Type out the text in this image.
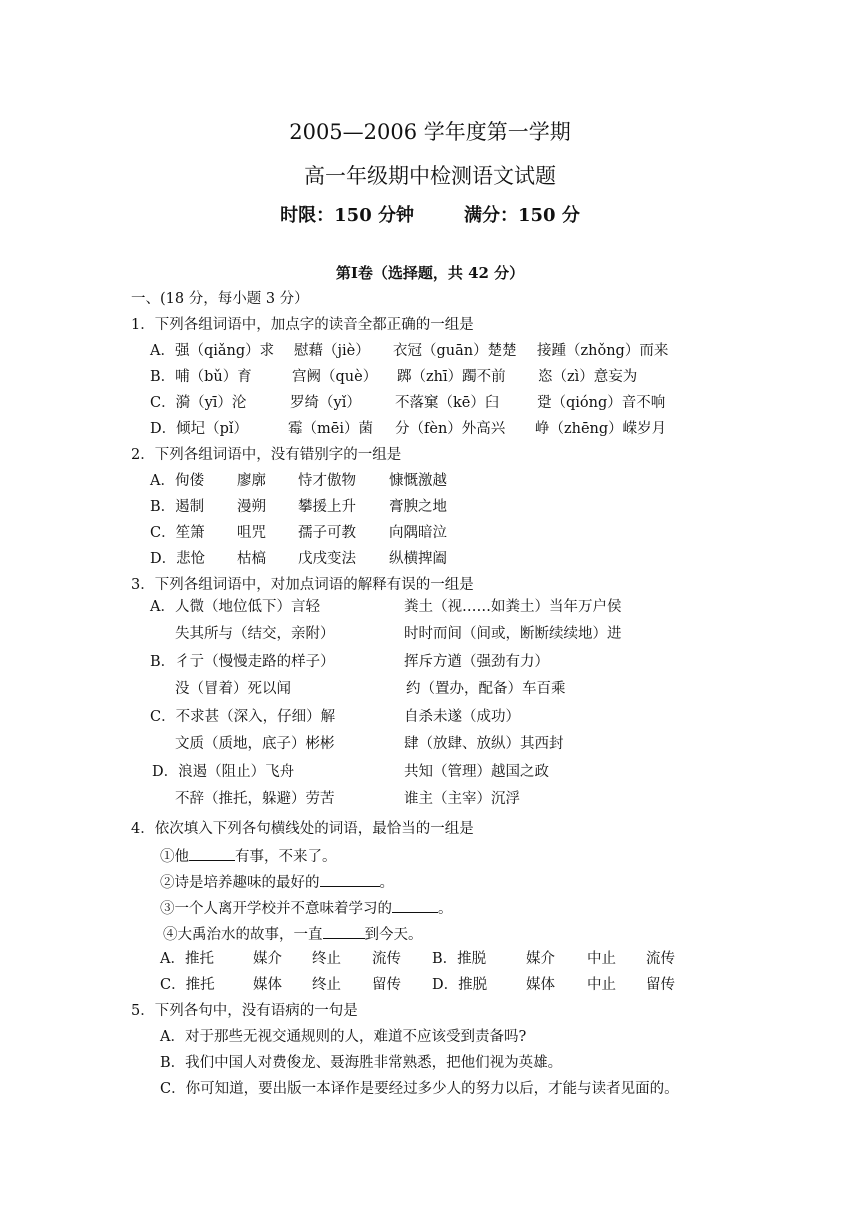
2005—2006 学年度第一学期
高一年级期中检测语文试题
时限：150 分钟	满分：150 分
第Ⅰ卷（选择题，共 42 分）
一、(18 分，每小题 3 分）
1．下列各组词语中，加点字的读音全都正确的一组是
A．强（qiǎng）求 慰藉（jiè） 衣冠（guān）楚楚 接踵（zhǒng）而来
B．哺（bǔ）育	宫阙（què） 踯（zhī）躅不前 恣（zì）意妄为
C．漪（yī）沦	罗绮（yǐ） 不落窠（kē）臼	跫（qióng）音不响
D．倾圮（pǐ）	霉（mēi）菌 分（fèn）外高兴 峥（zhēng）嵘岁月
2．下列各组词语中，没有错别字的一组是
A．佝偻 廖廓 恃才傲物 慷慨激越
B．遏制 漫朔 攀援上升 膏腴之地
C．笙箫 咀咒 孺子可教 向隅暗泣
D．悲怆 枯槁 戊戌变法 纵横捭阖
3．下列各组词语中，对加点词语的解释有误的一组是
A．人微（地位低下）言轻	粪土（视……如粪土）当年万户侯
失其所与（结交，亲附）	时时而间（间或，断断续续地）进
B．彳亍（慢慢走路的样子）	挥斥方遒（强劲有力）
没（冒着）死以闻	约（置办，配备）车百乘
C．不求甚（深入，仔细）解	自杀未遂（成功）
文质（质地，底子）彬彬	肆（放肆、放纵）其西封
D．浪遏（阻止）飞舟	共知（管理）越国之政
不辞（推托，躲避）劳苦	谁主（主宰）沉浮
4．依次填入下列各句横线处的词语，最恰当的一组是
①他	有事，不来了。
②诗是培养趣味的最好的	。
③一个人离开学校并不意味着学习的	。
④大禹治水的故事，一直	到今天。
A．推托	媒介 终止 流传 B．推脱	媒介 中止 流传
C．推托	媒体 终止 留传 D．推脱	媒体 中止 留传
5．下列各句中，没有语病的一句是
A．对于那些无视交通规则的人，难道不应该受到责备吗?
B．我们中国人对费俊龙、聂海胜非常熟悉，把他们视为英雄。
C．你可知道，要出版一本译作是要经过多少人的努力以后，才能与读者见面的。
